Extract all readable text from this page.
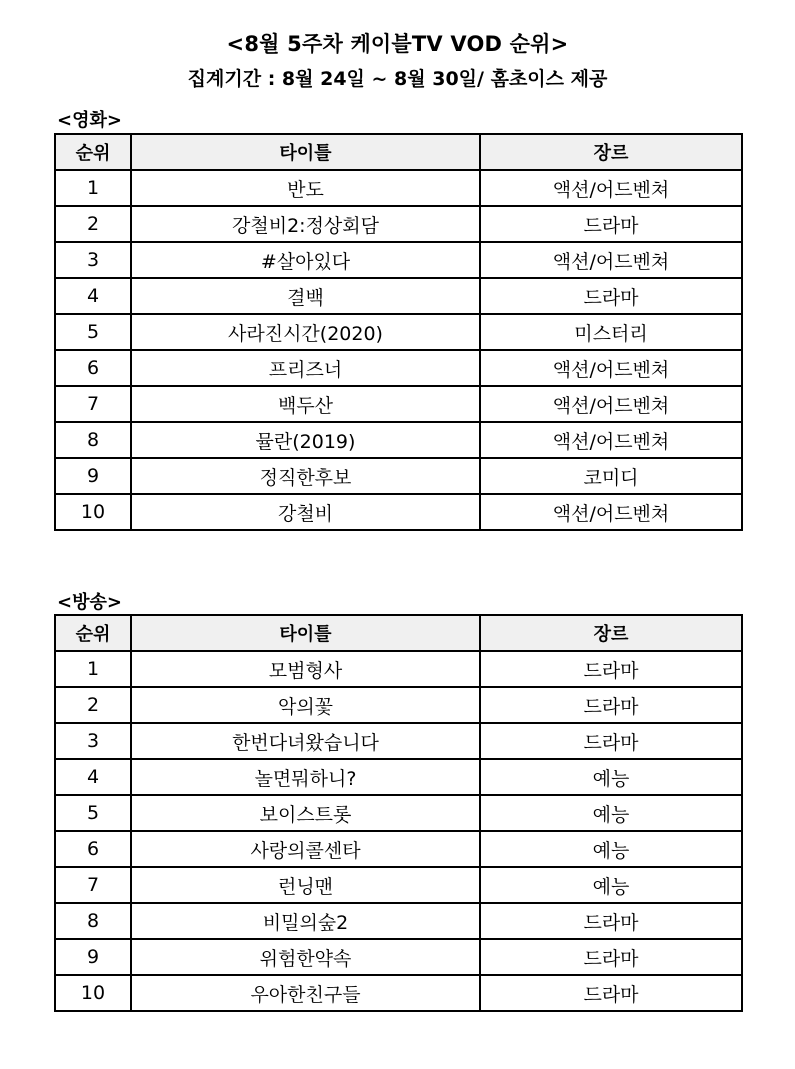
<8월 5주차 케이블TV VOD 순위>
집계기간 : 8월 24일 ~ 8월 30일/ 홈초이스 제공
<영화>
순위	타이틀	장르
1	반도	액션/어드벤쳐
2	강철비2:정상회담	드라마
3	#살아있다	액션/어드벤쳐
4	결백	드라마
5	사라진시간(2020)	미스터리
6	프리즈너	액션/어드벤쳐
7	백두산	액션/어드벤쳐
8	뮬란(2019)	액션/어드벤쳐
9	정직한후보	코미디
10	강철비	액션/어드벤쳐
<방송>
순위	타이틀	장르
1	모범형사	드라마
2	악의꽃	드라마
3	한번다녀왔습니다	드라마
4	놀면뭐하니?	예능
5	보이스트롯	예능
6	사랑의콜센타	예능
7	런닝맨	예능
8	비밀의숲2	드라마
9	위험한약속	드라마
10	우아한친구들	드라마
